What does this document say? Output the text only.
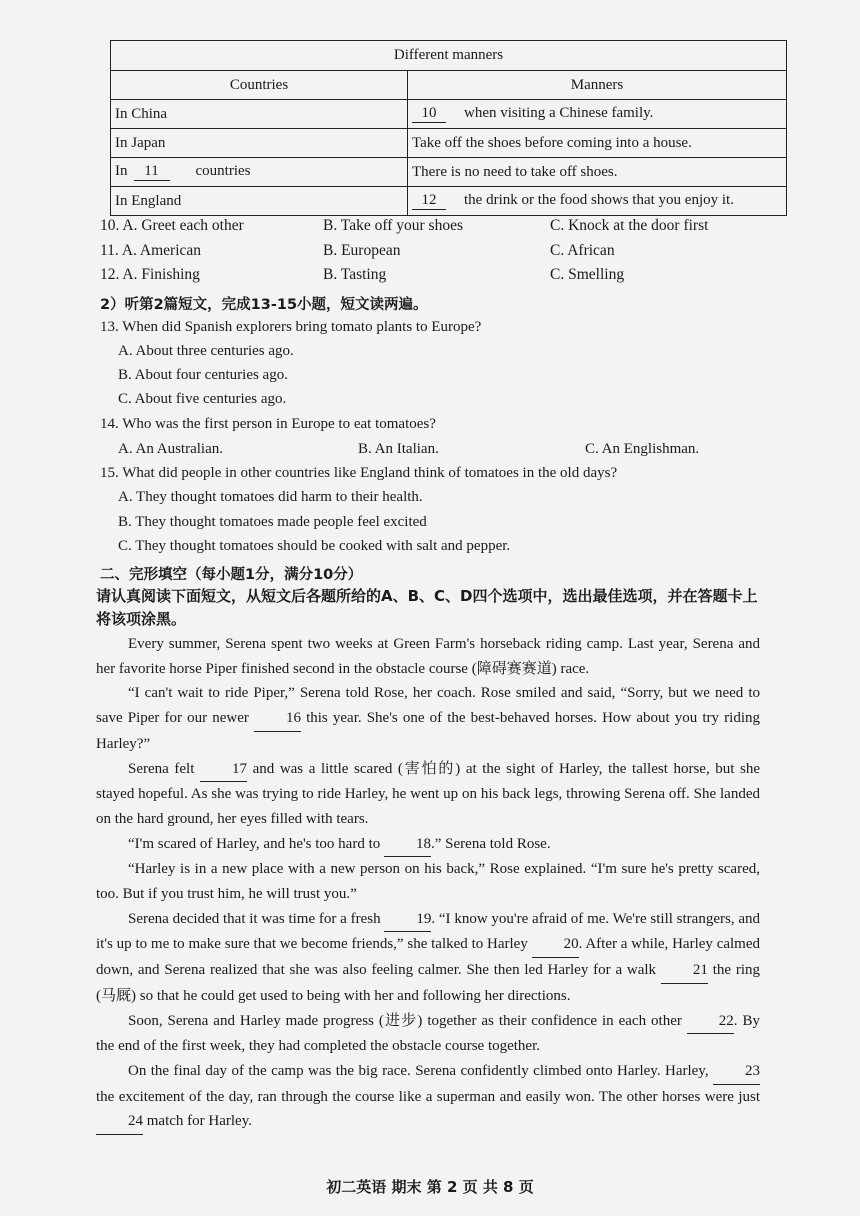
Different manners	
Countries	Manners
In China	10 when visiting a Chinese family.
In Japan	Take off the shoes before coming into a house.
In 11 countries	There is no need to take off shoes.
In England	12 the drink or the food shows that you enjoy it.
10. A. Greet each other	B. Take off your shoes	C. Knock at the door first
11. A. American	B. European	C. African
12. A. Finishing	B. Tasting	C. Smelling
2）听第2篇短文，完成13-15小题，短文读两遍。
13. When did Spanish explorers bring tomato plants to Europe?
A. About three centuries ago.
B. About four centuries ago.
C. About five centuries ago.
14. Who was the first person in Europe to eat tomatoes?
A. An Australian.	B. An Italian.	C. An Englishman.
15. What did people in other countries like England think of tomatoes in the old days?
A. They thought tomatoes did harm to their health.
B. They thought tomatoes made people feel excited
C. They thought tomatoes should be cooked with salt and pepper.
二、完形填空（每小题1分，满分10分）
请认真阅读下面短文，从短文后各题所给的A、B、C、D四个选项中，选出最佳选项，并在答题卡上将该项涂黑。

Every summer, Serena spent two weeks at Green Farm's horseback riding camp. Last year, Serena and her favorite horse Piper finished second in the obstacle course (障碍赛赛道) race.

“I can't wait to ride Piper,” Serena told Rose, her coach. Rose smiled and said, “Sorry, but we need to save Piper for our newer 16 this year. She's one of the best-behaved horses. How about you try riding Harley?”

Serena felt	17 and was a little scared (害怕的) at the sight of Harley, the tallest horse, but she stayed hopeful. As she was trying to ride Harley, he went up on his back legs, throwing Serena off. She landed on the hard ground, her eyes filled with tears.

“I'm scared of Harley, and he's too hard to 18.” Serena told Rose.

“Harley is in a new place with a new person on his back,” Rose explained. “I'm sure he's pretty scared, too. But if you trust him, he will trust you.”

Serena decided that it was time for a fresh 19. “I know you're afraid of me. We're still strangers, and it's up to me to make sure that we become friends,” she talked to Harley 20. After a while, Harley calmed down, and Serena realized that she was also feeling calmer. She then led Harley for a walk 21 the ring (马厩) so that he could get used to being with her and following her directions.

Soon, Serena and Harley made progress (进步) together as their confidence in each other 22. By the end of the first week, they had completed the obstacle course together.

On the final day of the camp was the big race. Serena confidently climbed onto Harley. Harley, 23 the excitement of the day, ran through the course like a superman and easily won. The other horses were just 24 match for Harley.

初二英语 期末 第 2 页 共 8 页
